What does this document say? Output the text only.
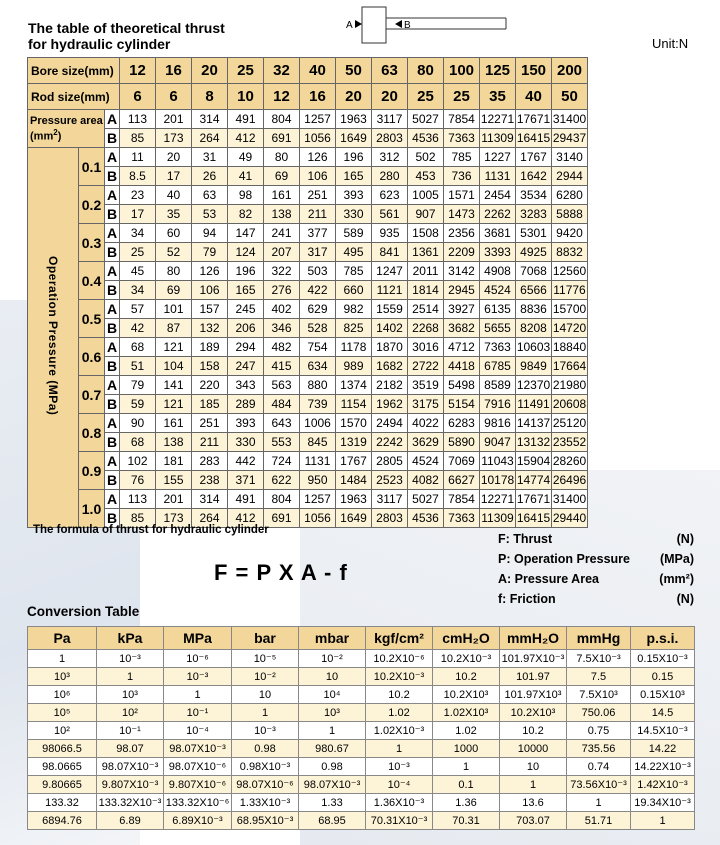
The table of theoretical thrust
for hydraulic cylinder
A	B
Unit:N
Bore size(mm)			12	16	20	25	32	40	50	63	80	100	125	150	200
Rod size(mm)			6	6	8	10	12	16	20	20	25	25	35	40	50

Pressure area
$(mm^2)$		A	113	201	314	491	804	1257	1963	3117	5027	7854	12271	17671	31400
		B	85	173	264	412	691	1056	1649	2803	4536	7363	11309	16415	29437
Operation Pressure (MPa)	0.1	A	11	20	31	49	80	126	196	312	502	785	1227	1767	3140
		B	8.5	17	26	41	69	106	165	280	453	736	1131	1642	2944
	0.2	A	23	40	63	98	161	251	393	623	1005	1571	2454	3534	6280
		B	17	35	53	82	138	211	330	561	907	1473	2262	3283	5888
	0.3	A	34	60	94	147	241	377	589	935	1508	2356	3681	5301	9420
		B	25	52	79	124	207	317	495	841	1361	2209	3393	4925	8832
	0.4	A	45	80	126	196	322	503	785	1247	2011	3142	4908	7068	12560
		B	34	69	106	165	276	422	660	1121	1814	2945	4524	6566	11776
	0.5	A	57	101	157	245	402	629	982	1559	2514	3927	6135	8836	15700
		B	42	87	132	206	346	528	825	1402	2268	3682	5655	8208	14720
	0.6	A	68	121	189	294	482	754	1178	1870	3016	4712	7363	10603	18840
		B	51	104	158	247	415	634	989	1682	2722	4418	6785	9849	17664
	0.7	A	79	141	220	343	563	880	1374	2182	3519	5498	8589	12370	21980
		B	59	121	185	289	484	739	1154	1962	3175	5154	7916	11491	20608
	0.8	A	90	161	251	393	643	1006	1570	2494	4022	6283	9816	14137	25120
		B	68	138	211	330	553	845	1319	2242	3629	5890	9047	13132	23552
	0.9	A	102	181	283	442	724	1131	1767	2805	4524	7069	11043	15904	28260
		B	76	155	238	371	622	950	1484	2523	4082	6627	10178	14774	26496
	1.0	A	113	201	314	491	804	1257	1963	3117	5027	7854	12271	17671	31400
		B	85	173	264	412	691	1056	1649	2803	4536	7363	11309	16415	29440
The formula of thrust for hydraulic cylinder
F = P X A - f
F: Thrust	(N)
P: Operation Pressure (MPa)
A: Pressure Area	(mm²)
f: Friction	(N)
Conversion Table
Pa	kPa	MPa	bar	mbar	kgf/cm²	cmH₂O	mmH₂O	mmHg	p.s.i.
1	10⁻³	10⁻⁶	10⁻⁵	10⁻²	10.2X10⁻⁶	10.2X10⁻³	101.97X10⁻³	7.5X10⁻³	0.15X10⁻³
10³	1	10⁻³	10⁻²	10	10.2X10⁻³	10.2	101.97	7.5	0.15
10⁶	10³	1	10	10⁴	10.2	10.2X10³	101.97X10³	7.5X10³	0.15X10³
10⁵	10²	10⁻¹	1	10³	1.02	1.02X10³	10.2X10³	750.06	14.5
10²	10⁻¹	10⁻⁴	10⁻³	1	1.02X10⁻³	1.02	10.2	0.75	14.5X10⁻³
98066.5	98.07	98.07X10⁻³	0.98	980.67	1	1000	10000	735.56	14.22
98.0665	98.07X10⁻³	98.07X10⁻⁶	0.98X10⁻³	0.98	10⁻³	1	10	0.74	14.22X10⁻³
9.80665	9.807X10⁻³	9.807X10⁻⁶	98.07X10⁻⁶	98.07X10⁻³	10⁻⁴	0.1	1	73.56X10⁻³	1.42X10⁻³
133.32	133.32X10⁻³	133.32X10⁻⁶	1.33X10⁻³	1.33	1.36X10⁻³	1.36	13.6	1	19.34X10⁻³
6894.76	6.89	6.89X10⁻³	68.95X10⁻³	68.95	70.31X10⁻³	70.31	703.07	51.71	1
